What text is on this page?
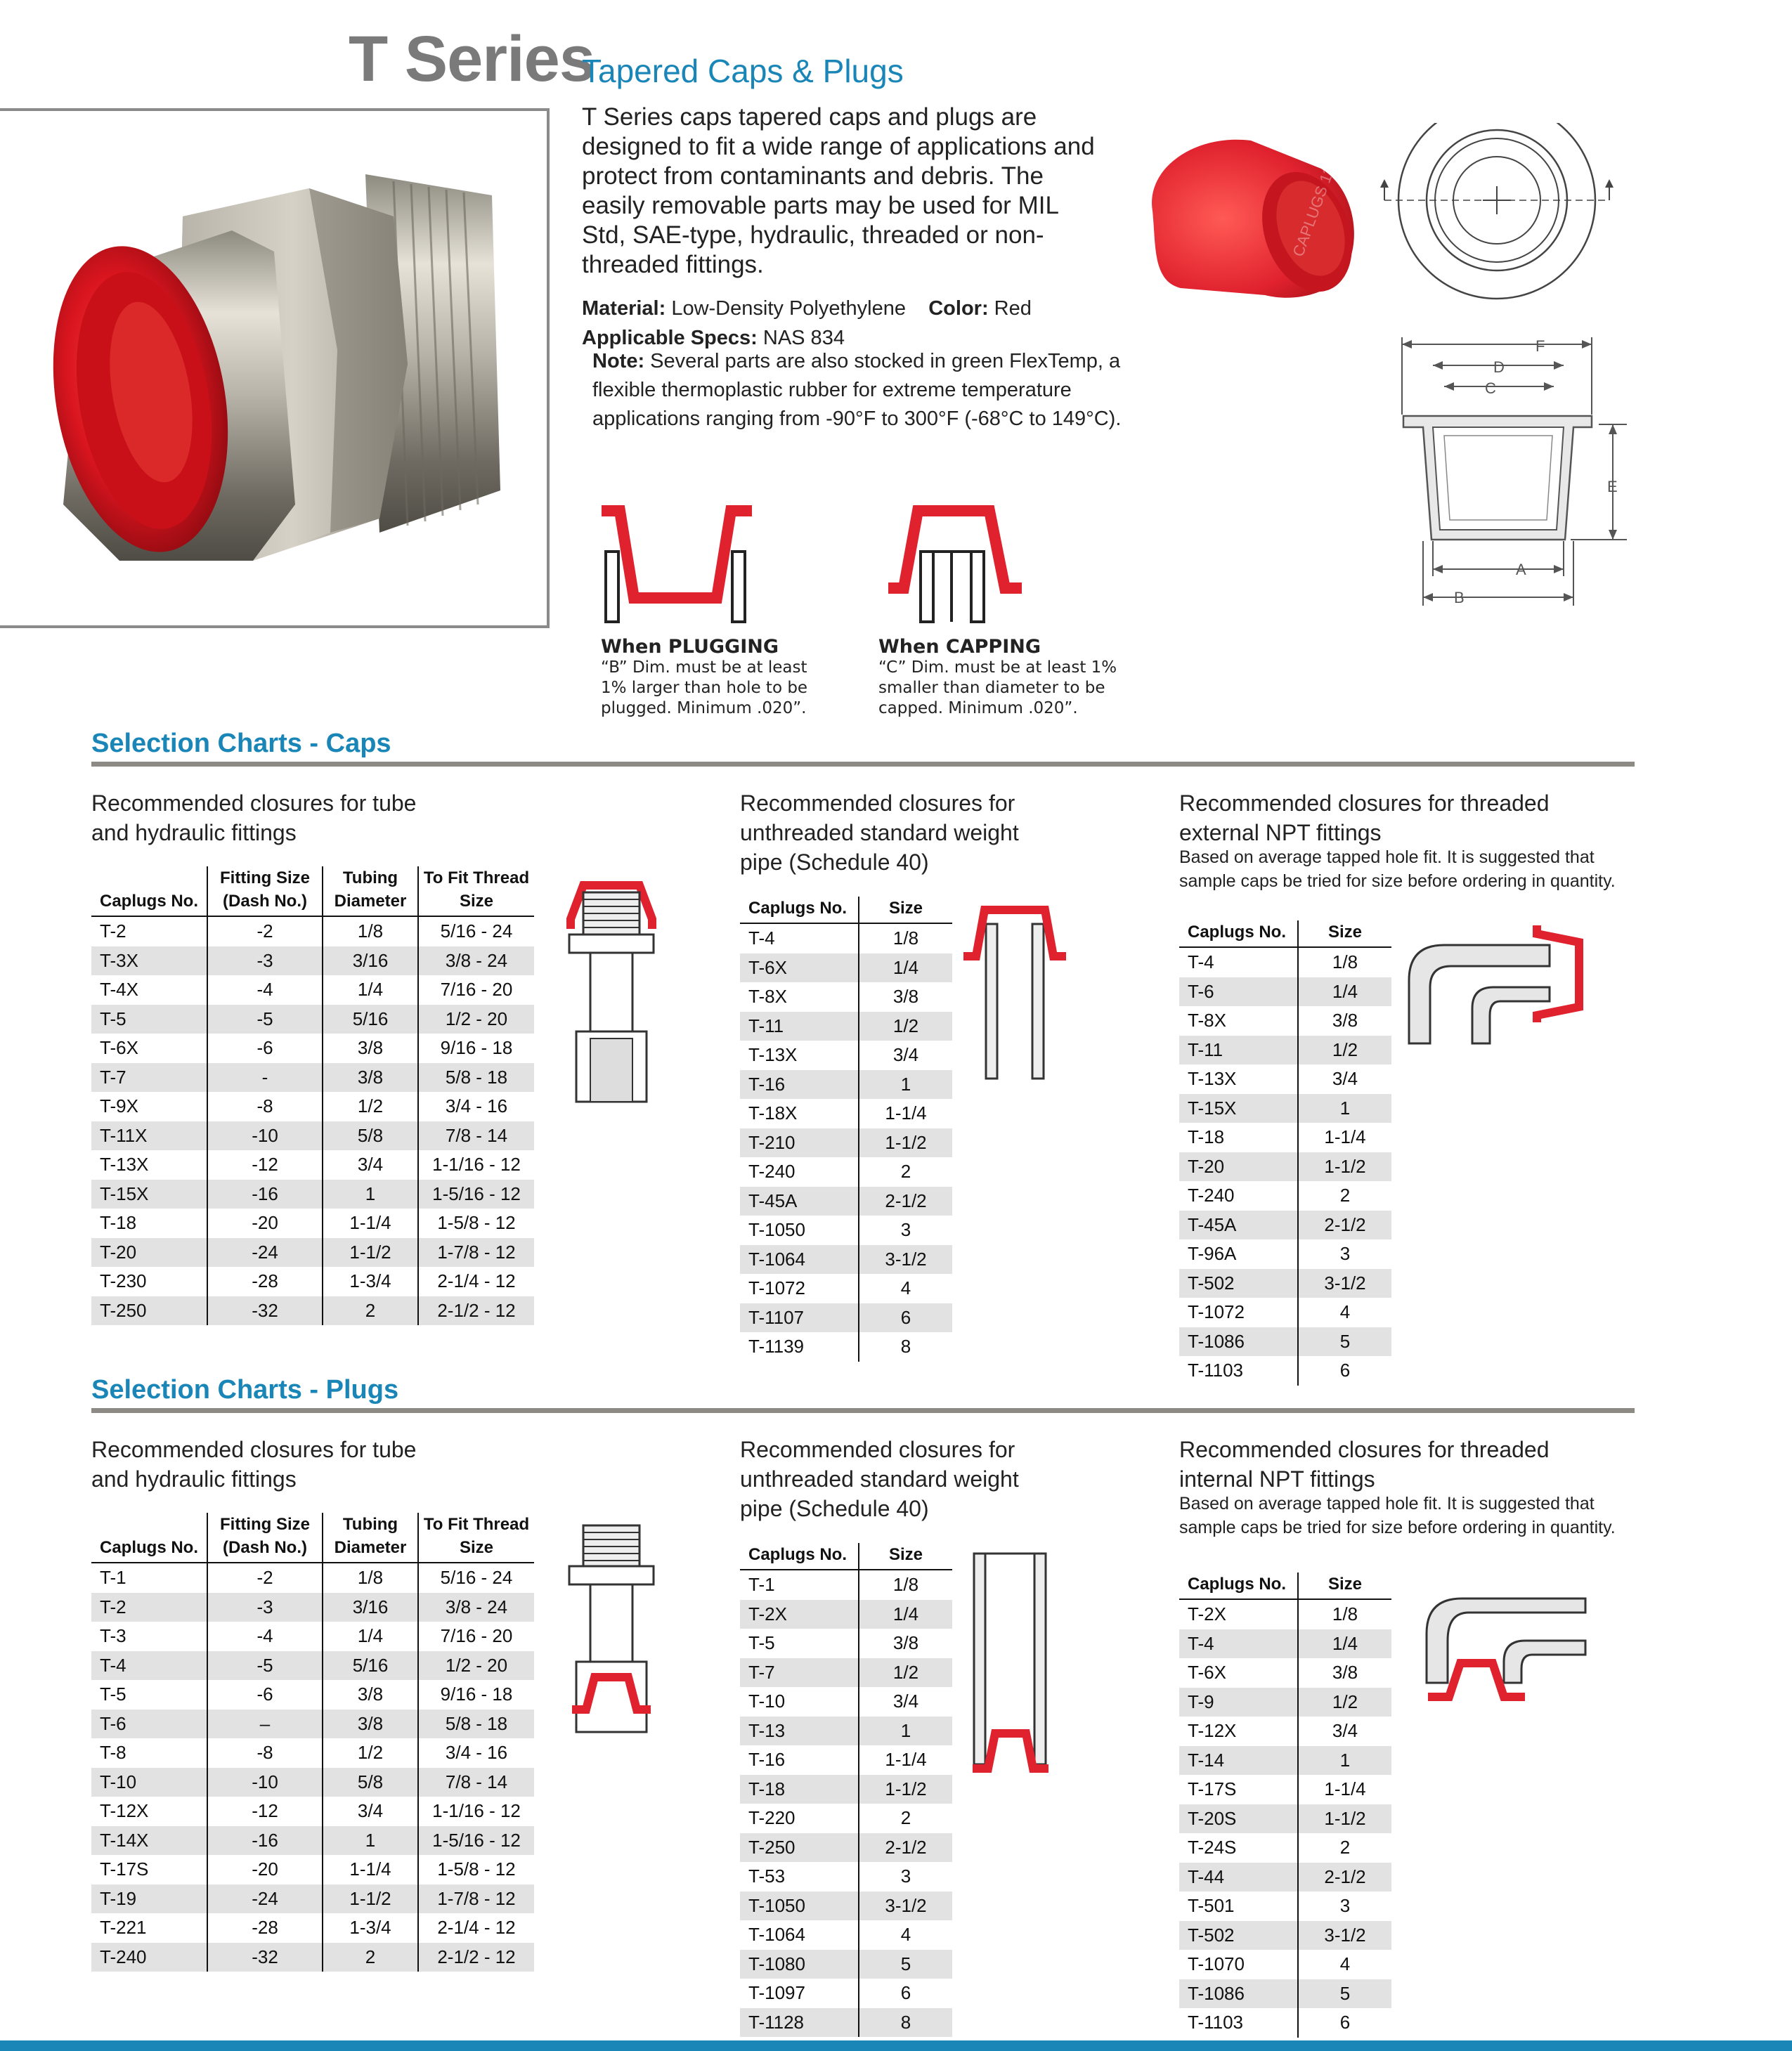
T Series
Tapered Caps & Plugs
T Series caps tapered caps and plugs are designed to fit a wide range of applications and protect from contaminants and debris. The easily removable parts may be used for MIL Std, SAE-type, hydraulic, threaded or non-threaded fittings.
Material: Low-Density Polyethylene Color: Red
Applicable Specs: NAS 834
Note: Several parts are also stocked in green FlexTemp, a flexible thermoplastic rubber for extreme temperature applications ranging from -90°F to 300°F (-68°C to 149°C).
CAPLUGS 11-X
F
D
C
E
A
B
When PLUGGING
“B” Dim. must be at least
1% larger than hole to be
plugged. Minimum .020”.
When CAPPING
“C” Dim. must be at least 1%
smaller than diameter to be
capped. Minimum .020”.
Selection Charts - Caps
Recommended closures for tube
and hydraulic fittings
Caplugs No.	Fitting Size (Dash No.)	Tubing Diameter	To Fit Thread Size
T-2	-2	1/8	5/16 - 24
T-3X	-3	3/16	3/8 - 24
T-4X	-4	1/4	7/16 - 20
T-5	-5	5/16	1/2 - 20
T-6X	-6	3/8	9/16 - 18
T-7	-	3/8	5/8 - 18
T-9X	-8	1/2	3/4 - 16
T-11X	-10	5/8	7/8 - 14
T-13X	-12	3/4	1-1/16 - 12
T-15X	-16	1	1-5/16 - 12
T-18	-20	1-1/4	1-5/8 - 12
T-20	-24	1-1/2	1-7/8 - 12
T-230	-28	1-3/4	2-1/4 - 12
T-250	-32	2	2-1/2 - 12
Recommended closures for
unthreaded standard weight
pipe (Schedule 40)
Caplugs No.	Size
T-4	1/8
T-6X	1/4
T-8X	3/8
T-11	1/2
T-13X	3/4
T-16	1
T-18X	1-1/4
T-210	1-1/2
T-240	2
T-45A	2-1/2
T-1050	3
T-1064	3-1/2
T-1072	4
T-1107	6
T-1139	8
Recommended closures for threaded
external NPT fittings
Based on average tapped hole fit. It is suggested that
sample caps be tried for size before ordering in quantity.
Caplugs No.	Size
T-4	1/8
T-6	1/4
T-8X	3/8
T-11	1/2
T-13X	3/4
T-15X	1
T-18	1-1/4
T-20	1-1/2
T-240	2
T-45A	2-1/2
T-96A	3
T-502	3-1/2
T-1072	4
T-1086	5
T-1103	6
Selection Charts - Plugs
Recommended closures for tube
and hydraulic fittings
Caplugs No.	Fitting Size (Dash No.)	Tubing Diameter	To Fit Thread Size
T-1	-2	1/8	5/16 - 24
T-2	-3	3/16	3/8 - 24
T-3	-4	1/4	7/16 - 20
T-4	-5	5/16	1/2 - 20
T-5	-6	3/8	9/16 - 18
T-6	–	3/8	5/8 - 18
T-8	-8	1/2	3/4 - 16
T-10	-10	5/8	7/8 - 14
T-12X	-12	3/4	1-1/16 - 12
T-14X	-16	1	1-5/16 - 12
T-17S	-20	1-1/4	1-5/8 - 12
T-19	-24	1-1/2	1-7/8 - 12
T-221	-28	1-3/4	2-1/4 - 12
T-240	-32	2	2-1/2 - 12
Recommended closures for
unthreaded standard weight
pipe (Schedule 40)
Caplugs No.	Size
T-1	1/8
T-2X	1/4
T-5	3/8
T-7	1/2
T-10	3/4
T-13	1
T-16	1-1/4
T-18	1-1/2
T-220	2
T-250	2-1/2
T-53	3
T-1050	3-1/2
T-1064	4
T-1080	5
T-1097	6
T-1128	8
Recommended closures for threaded
internal NPT fittings
Based on average tapped hole fit. It is suggested that
sample caps be tried for size before ordering in quantity.
Caplugs No.	Size
T-2X	1/8
T-4	1/4
T-6X	3/8
T-9	1/2
T-12X	3/4
T-14	1
T-17S	1-1/4
T-20S	1-1/2
T-24S	2
T-44	2-1/2
T-501	3
T-502	3-1/2
T-1070	4
T-1086	5
T-1103	6
